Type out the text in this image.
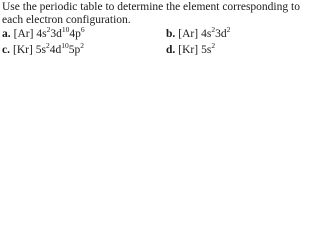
Use the periodic table to determine the element corresponding to each electron configuration.
a. [Ar] $4s^23d^{10}4p^6$	b. [Ar] $4s^23d^2$
c. [Kr] $5s^24d^{10}5p^2$	d. [Kr] $5s^2$
